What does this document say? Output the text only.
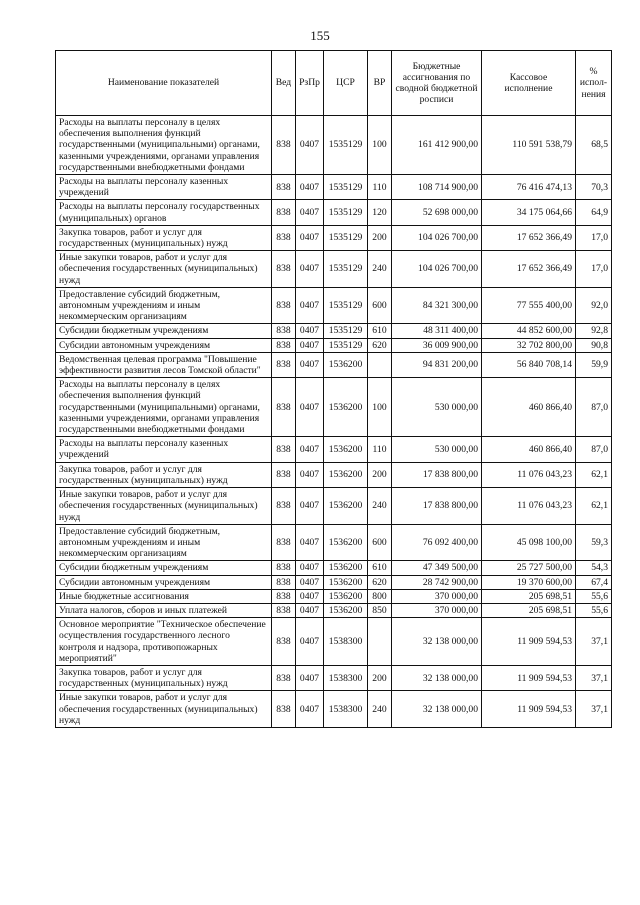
155
Наименование показателей	Вед	РзПр	ЦСР	ВР	Бюджетные ассигнования по сводной бюджетной росписи	Кассовое исполнение	% испол-нения
Расходы на выплаты персоналу в целях обеспечения выполнения функций государственными (муниципальными) органами, казенными учреждениями, органами управления государственными внебюджетными фондами	838	0407	1535129	100	161 412 900,00	110 591 538,79	68,5
Расходы на выплаты персоналу казенных учреждений	838	0407	1535129	110	108 714 900,00	76 416 474,13	70,3
Расходы на выплаты персоналу государственных (муниципальных) органов	838	0407	1535129	120	52 698 000,00	34 175 064,66	64,9
Закупка товаров, работ и услуг для государственных (муниципальных) нужд	838	0407	1535129	200	104 026 700,00	17 652 366,49	17,0
Иные закупки товаров, работ и услуг для обеспечения государственных (муниципальных) нужд	838	0407	1535129	240	104 026 700,00	17 652 366,49	17,0
Предоставление субсидий бюджетным, автономным учреждениям и иным некоммерческим организациям	838	0407	1535129	600	84 321 300,00	77 555 400,00	92,0
Субсидии бюджетным учреждениям	838	0407	1535129	610	48 311 400,00	44 852 600,00	92,8
Субсидии автономным учреждениям	838	0407	1535129	620	36 009 900,00	32 702 800,00	90,8
Ведомственная целевая программа "Повышение эффективности развития лесов Томской области"	838	0407	1536200		94 831 200,00	56 840 708,14	59,9
Расходы на выплаты персоналу в целях обеспечения выполнения функций государственными (муниципальными) органами, казенными учреждениями, органами управления государственными внебюджетными фондами	838	0407	1536200	100	530 000,00	460 866,40	87,0
Расходы на выплаты персоналу казенных учреждений	838	0407	1536200	110	530 000,00	460 866,40	87,0
Закупка товаров, работ и услуг для государственных (муниципальных) нужд	838	0407	1536200	200	17 838 800,00	11 076 043,23	62,1
Иные закупки товаров, работ и услуг для обеспечения государственных (муниципальных) нужд	838	0407	1536200	240	17 838 800,00	11 076 043,23	62,1
Предоставление субсидий бюджетным, автономным учреждениям и иным некоммерческим организациям	838	0407	1536200	600	76 092 400,00	45 098 100,00	59,3
Субсидии бюджетным учреждениям	838	0407	1536200	610	47 349 500,00	25 727 500,00	54,3
Субсидии автономным учреждениям	838	0407	1536200	620	28 742 900,00	19 370 600,00	67,4
Иные бюджетные ассигнования	838	0407	1536200	800	370 000,00	205 698,51	55,6
Уплата налогов, сборов и иных платежей	838	0407	1536200	850	370 000,00	205 698,51	55,6
Основное мероприятие "Техническое обеспечение осуществления государственного лесного контроля и надзора, противопожарных мероприятий"	838	0407	1538300		32 138 000,00	11 909 594,53	37,1
Закупка товаров, работ и услуг для государственных (муниципальных) нужд	838	0407	1538300	200	32 138 000,00	11 909 594,53	37,1
Иные закупки товаров, работ и услуг для обеспечения государственных (муниципальных) нужд	838	0407	1538300	240	32 138 000,00	11 909 594,53	37,1
